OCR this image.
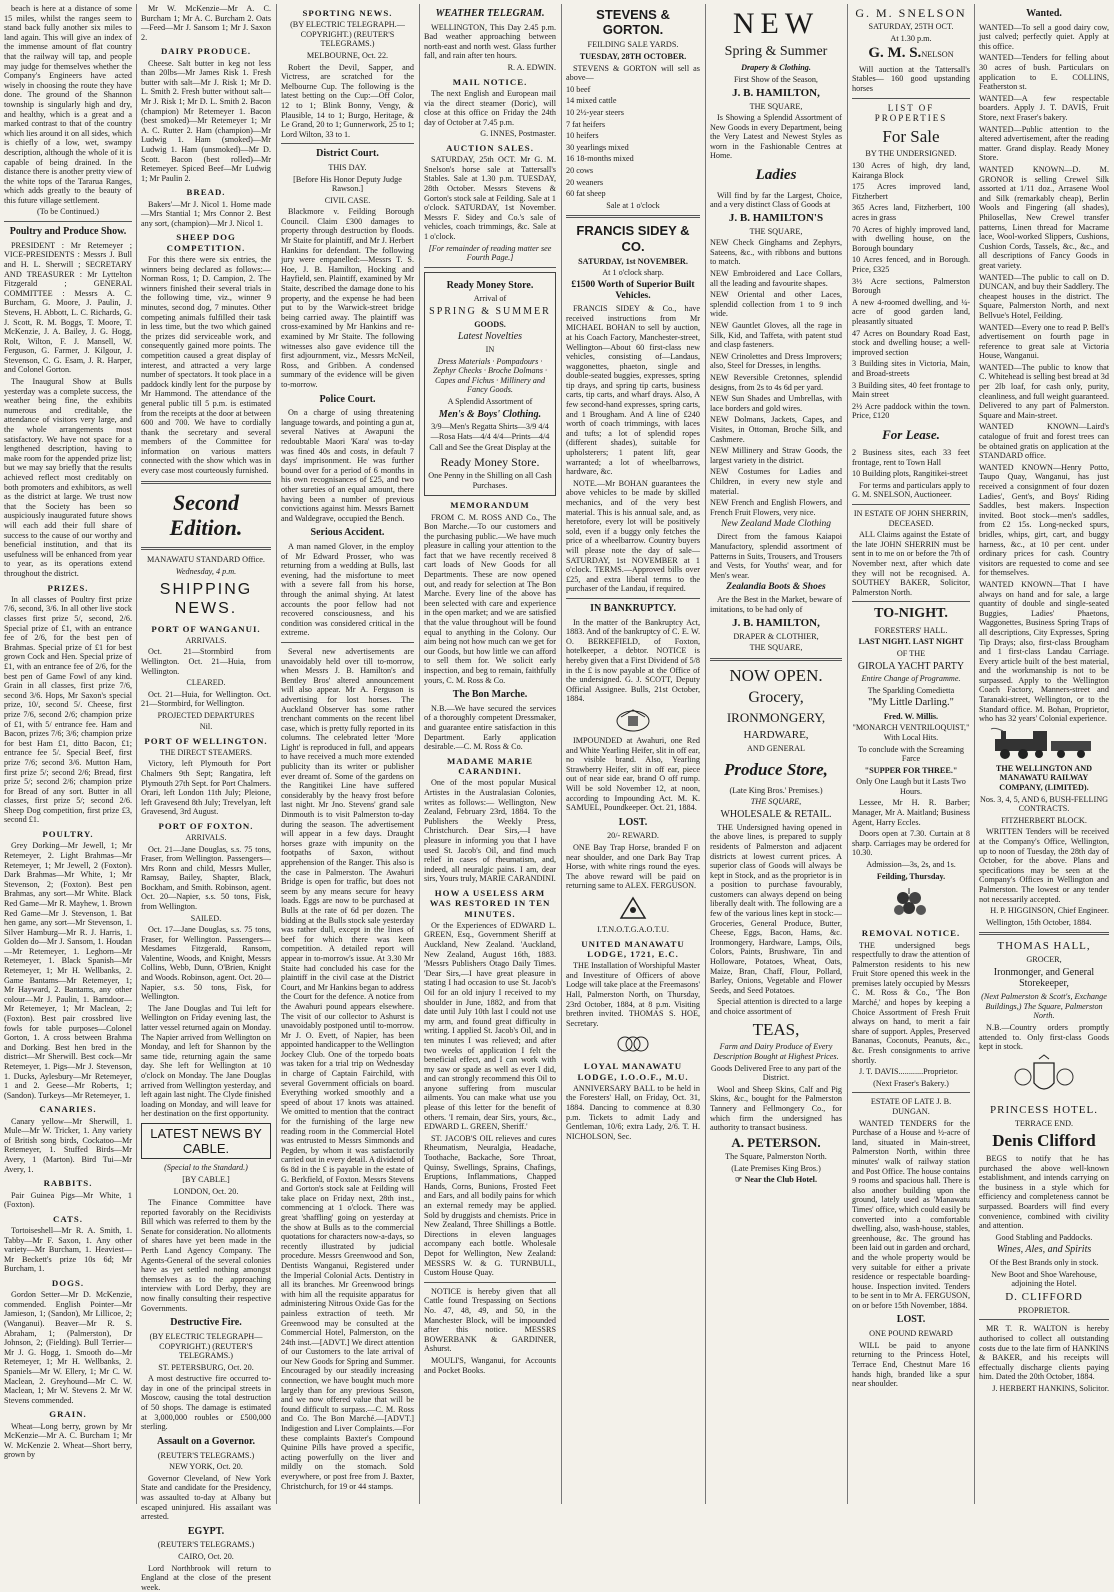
beach is here at a distance of some 15 miles, whilst the ranges seem to stand back fully another six miles to land again. This will give an index of the immense amount of flat country that the railway will tap, and people may judge for themselves whether the Company's Engineers have acted wisely in choosing the route they have done. The ground of the Shannon township is singularly high and dry, and healthy, which is a great and a marked contrast to that of the country which lies around it on all sides, which is chiefly of a low, wet, swampy description, although the whole of it is capable of being drained. In the distance there is another pretty view of the white tops of the Tararua Ranges, which adds greatly to the beauty of this future village settlement.

(To be Continued.)

Poultry and Produce Show.

PRESIDENT : Mr Retemeyer ; VICE-PRESIDENTS : Messrs J. Bull and H. L. Sherwill ; SECRETARY AND TREASURER : Mr Lyttelton Fitzgerald ; GENERAL COMMITTEE : Messrs A. C. Burcham, G. Moore, J. Paulin, J. Stevens, H. Abbott, L. C. Richards, G. J. Scott, R. M. Boggs, T. Moore, T. McKenzie, J. A. Bailey, J. G. Hogg, Rolt, Wilton, F. J. Mansell, W. Ferguson, G. Farmer, J. Kilgour, J. Stevenson, C. G. Esam, J. R. Harper, and Colonel Gorton.

The Inaugural Show at Bulls yesterday was a complete success, the weather being fine, the exhibits numerous and creditable, the attendance of visitors very large, and the whole arrangements most satisfactory. We have not space for a lengthened description, having to make room for the appended prize list; but we may say briefly that the results achieved reflect most creditably on both promoters and exhibitors, as well as the district at large. We trust now that the Society has been so auspiciously inaugurated future shows will each add their full share of success to the cause of our worthy and beneficial institution, and that its usefulness will be enhanced from year to year, as its operations extend throughout the district.

PRIZES.

In all classes of Poultry first prize 7/6, second, 3/6. In all other live stock classes first prize 5/, second, 2/6. Special prize of £1, with an entrance fee of 2/6, for the best pen of Brahmas. Special prize of £1 for best grown Cock and Hen. Special prize of £1, with an entrance fee of 2/6, for the best pen of Game Fowl of any kind. Grain in all classes, first prize 7/6, second 3/6. Hops, Mr Saxon's special prize, 10/, second 5/. Cheese, first prize 7/6, second 2/6; champion prize of £1, with 5/ entrance fee. Ham and Bacon, prizes 7/6; 3/6; champion prize for best Ham £1, ditto Bacon, £1; entrance fee 5/. Special Beef, first prize 7/6; second 3/6. Mutton Ham, first prize 5/; second 2/6; Bread, first prize 5/; second 2/6; champion prize for Bread of any sort. Butter in all classes, first prize 5/; second 2/6. Sheep Dog competition, first prize £3, second £1.

POULTRY.

Grey Dorking—Mr Jewell, 1; Mr Retemeyer, 2. Light Brahmas—Mr Retemeyer, 1; Mr Jewell, 2 (Foxton). Dark Brahmas—Mr White, 1; Mr Stevenson, 2; (Foxton). Best pen Brahmas, any sort—Mr White. Black Red Game—Mr R. Mayhew, 1. Brown Red Game—Mr J. Stevenson, 1. Bat hen game, any sort—Mr Stevenson, 1. Silver Hamburg—Mr R. J. Harris, 1. Golden do—Mr J. Sansom, 1. Houdan—Mr Retemeyer, 1. Leghorn—Mr Retemeyer, 1. Black Spanish—Mr Retemeyer, 1; Mr H. Wellbanks, 2. Game Bantams—Mr Retemeyer, 1; Mr Hayward, 2. Bantams, any other colour—Mr J. Paulin, 1. Barndoor—Mr Retemeyer, 1; Mr Maclean, 2; (Foxton). Best pair crossbred live fowls for table purposes—Colonel Gorton, 1. A cross between Brahma and Dorking. Best hen bred in the district—Mr Sherwill. Best cock—Mr Retemeyer, 1. Pigs—Mr J. Stevenson, 1. Ducks, Aylesbury—Mr Retemeyer, 1 and 2. Geese—Mr Roberts, 1; (Sandon). Turkeys—Mr Retemeyer, 1.

CANARIES.

Canary yellow—Mr Sherwill, 1. Mule—Mr W. Tricker, 1. Any variety of British song birds, Cockatoo—Mr Retemeyer, 1. Stuffed Birds—Mr Avery, 1 (Marton). Bird Tui—Mr Avery, 1.

RABBITS.

Pair Guinea Pigs—Mr White, 1 (Foxton).

CATS.

Tortoiseshell—Mr R. A. Smith, 1. Tabby—Mr F. Saxon, 1. Any other variety—Mr Burcham, 1. Heaviest—Mr Beckett's prize 10s 6d; Mr Burcham, 1.

DOGS.

Gordon Setter—Mr D. McKenzie, commended. English Pointer—Mr Jamieson, 1; (Sandon), Mr Lillicoe, 2; (Wanganui). Beaver—Mr R. S. Abraham, 1; (Palmerston), Dr Johnson, 2; (Fielding). Bull Terrier—Mr J. G. Hogg, 1. Smooth do—Mr Retemeyer, 1; Mr H. Wellbanks, 2. Spaniels—Mr W. Ellery, 1; Mr C. W. Maclean, 2. Greyhound—Mr C. W. Maclean, 1; Mr W. Stevens 2. Mr W. Stevens commended.

GRAIN.

Wheat—Long berry, grown by Mr McKenzie—Mr A. C. Burcham 1; Mr W. McKenzie 2. Wheat—Short berry, grown by

Mr W. McKenzie—Mr A. C. Burcham 1; Mr A. C. Burcham 2. Oats—Feed—Mr J. Sansom 1; Mr J. Saxon 2.

DAIRY PRODUCE.

Cheese. Salt butter in keg not less than 20lbs—Mr James Risk 1. Fresh butter with salt—Mr J. Risk 1; Mr D. L. Smith 2. Fresh butter without salt—Mr J. Risk 1; Mr D. L. Smith 2. Bacon (champion) Mr Retemeyer 1. Bacon (best smoked)—Mr Retemeyer 1; Mr A. C. Rutter 2. Ham (champion)—Mr Ludwig 1. Ham (smoked)—Mr Ludwig 1. Ham (unsmoked)—Mr D. Scott. Bacon (best rolled)—Mr Retemeyer. Spiced Beef—Mr Ludwig 1; Mr Paulin 2.

BREAD.

Bakers'—Mr J. Nicol 1. Home made—Mrs Stantial 1; Mrs Connor 2. Best any sort, (champion)—Mr J. Nicol 1.

SHEEP DOG COMPETITION.

For this there were six entries, the winners being declared as follows:—Norman Ross, 1; D. Campion, 2. The winners finished their several trials in the following time, viz., winner 9 minutes, second dog, 7 minutes. Other competing animals fulfilled their task in less time, but the two which gained the prizes did serviceable work, and consequently gained more points. The competition caused a great display of interest, and attracted a very large number of spectators. It took place in a paddock kindly lent for the purpose by Mr Hammond. The attendance of the general public till 5 p.m. is estimated from the receipts at the door at between 600 and 700. We have to cordially thank the secretary and several members of the Committee for information on various matters connected with the show which was in every case most courteously furnished.

Second Edition.

MANAWATU STANDARD Office.

Wednesday, 4 p.m.

SHIPPING NEWS.
PORT OF WANGANUI.
ARRIVALS.

Oct. 21—Stormbird from Wellington. Oct. 21—Huia, from Wellington.

CLEARED.

Oct. 21—Huia, for Wellington. Oct. 21—Stormbird, for Wellington.

PROJECTED DEPARTURES

Nil.

PORT OF WELLINGTON.
THE DIRECT STEAMERS.

Victory, left Plymouth for Port Chalmers 9th Sept; Rangatira, left Plymouth 27th Sept. for Port Chalmers. Orari, left London 11th July; Pleione, left Gravesend 8th July; Trevelyan, left Gravesend, 3rd August.

PORT OF FOXTON.
ARRIVALS.

Oct. 21—Jane Douglas, s.s. 75 tons, Fraser, from Wellington. Passengers—Mrs Ronn and child, Messrs Muller, Ramsay, Bailey, Shapter, Black, Bockham, and Smith. Robinson, agent. Oct. 20—Napier, s.s. 50 tons, Fisk, from Wellington.

SAILED.

Oct. 17—Jane Douglas, s.s. 75 tons, Fraser, for Wellington. Passengers—Mesdames Fitzgerald, Ransom, Valentine, Woods, and Knight, Messrs Collins, Webb, Dunn, O'Brien, Knight and Woods. Robinson, agent. Oct. 20—Napier, s.s. 50 tons, Fisk, for Wellington.

The Jane Douglas and Tui left for Wellington on Friday evening last, the latter vessel returned again on Monday. The Napier arrived from Wellington on Monday, and left for Shannon by the same tide, returning again the same day. She left for Wellington at 10 o'clock on Monday. The Jane Douglas arrived from Wellington yesterday, and left again last night. The Clyde finished loading on Monday, and will leave for her destination on the first opportunity.

LATEST NEWS BY CABLE.

(Special to the Standard.)

[BY CABLE.]

LONDON, Oct. 20.

The Finance Committee have reported favorably on the Recidivists Bill which was referred to them by the Senate for consideration. No allotments of shares have yet been made in the Perth Land Agency Company. The Agents-General of the several colonies have as yet settled nothing amongst themselves as to the approaching interview with Lord Derby, they are now finally consulting their respective Governments.

Destructive Fire.

(BY ELECTRIC TELEGRAPH—COPYRIGHT.) (REUTER'S TELEGRAMS.)

ST. PETERSBURG, Oct. 20.

A most destructive fire occurred to-day in one of the principal streets in Moscow, causing the total destruction of 50 shops. The damage is estimated at 3,000,000 roubles or £500,000 sterling.

Assault on a Governor.

(REUTER'S TELEGRAMS.)

NEW YORK, Oct. 20.

Governor Cleveland, of New York State and candidate for the Presidency, was assaulted to-day at Albany but escaped uninjured. His assailant was arrested.

EGYPT.

(REUTER'S TELEGRAMS.)

CAIRO, Oct. 20.

Lord Northbrook will return to England at the close of the present week.

SPORTING NEWS.

(BY ELECTRIC TELEGRAPH.—COPYRIGHT.) (REUTER'S TELEGRAMS.)

MELBOURNE, Oct. 22.

Robert the Devil, Sapper, and Victress, are scratched for the Melbourne Cup. The following is the latest betting on the Cup:—Off Color, 12 to 1; Blink Bonny, Vengy, & Plausible, 14 to 1; Burgo, Heritage, & Le Grand, 20 to 1; Gunnerwork, 25 to 1; Lord Wilton, 33 to 1.

District Court.

THIS DAY.

[Before His Honor Deputy Judge Rawson.]

CIVIL CASE.

Blackmore v. Feilding Borough Council. Claim £300 damages to property through destruction by floods. Mr Staite for plaintiff, and Mr J. Herbert Hankins for defendant. The following jury were empanelled:—Messrs T. S. Hoe, J. B. Hamilton, Hocking and Hayfield, sen. Plaintiff, examined by Mr Staite, described the damage done to his property, and the expense he had been put to by the Warwick-street bridge being carried away. The plaintiff was cross-examined by Mr Hankins and re-examined by Mr Staite. The following witnesses also gave evidence till the first adjournment, viz., Messrs McNeil, Ross, and Gribben. A condensed summary of the evidence will be given to-morrow.

Police Court.

On a charge of using threatening language towards, and pointing a gun at, several Natives at Awapuni the redoubtable Maori 'Kara' was to-day was fined 40s and costs, in default 7 days' imprisonment. He was further bound over for a period of 6 months in his own recognisances of £25, and two other sureties of an equal amount, there having been a number of previous convictions against him. Messrs Barnett and Waldegrave, occupied the Bench.

Serious Accident.

A man named Glover, in the employ of Mr Edward Prosser, who was returning from a wedding at Bulls, last evening, had the misfortune to meet with a severe fall from his horse, through the animal shying. At latest accounts the poor fellow had not recovered consciousness, and his condition was considered critical in the extreme.

Several new advertisements are unavoidably held over till to-morrow, when Messrs J. B. Hamilton's and Bentley Bros' altered announcement will also appear. Mr A. Ferguson is advertising for lost horses. The Auckland Observer has some rather trenchant comments on the recent libel case, which is pretty fully reported in its columns. The celebrated letter 'More Light' is reproduced in full, and appears to have received a much more extended publicity than its writer or publisher ever dreamt of. Some of the gardens on the Rangitikei Line have suffered considerably by the heavy frost before last night. Mr Jno. Stevens' grand sale Dinmouth is to visit Palmerston to-day during the season. The advertisement will appear in a few days. Draught horses graze with impunity on the footpaths of Saxon, without apprehension of the Ranger. This also is the case in Palmerston. The Awahuri Bridge is open for traffic, but does not seem by any means secure for heavy loads. Eggs are now to be purchased at Bulls at the rate of 6d per dozen. The bidding at the Bulls stock sale yesterday was rather dull, except in the lines of beef for which there was keen competition. A detailed report will appear in to-morrow's issue. At 3.30 Mr Staite had concluded his case for the plaintiff in the civil case at the District Court, and Mr Hankins began to address the Court for the defence. A notice from the Awahuri pound appears elsewhere. The visit of our collector to Ashurst is unavoidably postponed until to-morrow. Mr J. O. Evett, of Napier, has been appointed handicapper to the Wellington Jockey Club. One of the torpedo boats was taken for a trial trip on Wednesday in charge of Captain Fairchild, with several Government officials on board. Everything worked smoothly and a speed of about 17 knots was attained. We omitted to mention that the contract for the furnishing of the large new reading room in the Commercial Hotel was entrusted to Messrs Simmonds and Pegden, by whom it was satisfactorily carried out in every detail. A dividend of 6s 8d in the £ is payable in the estate of G. Berkfield, of Foxton. Messrs Stevens and Gorton's stock sale at Feilding will take place on Friday next, 28th inst., commencing at 1 o'clock. There was great 'shaffling' going on yesterday at the show at Bulls as to the commercial quotations for characters now-a-days, so recently illustrated by judicial procedure. Messrs Greenwood and Son, Dentists Wanganui, Registered under the Imperial Colonial Acts. Dentistry in all its branches. Mr Greenwood brings with him all the requisite apparatus for administering Nitrous Oxide Gas for the painless extraction of teeth. Mr Greenwood may be consulted at the Commercial Hotel, Palmerston, on the 24th inst.—[ADVT.] We direct attention of our Customers to the late arrival of our New Goods for Spring and Summer. Encouraged by our steadily increasing connection, we have bought much more largely than for any previous Season, and we now offered value that will be found difficult to surpass.—C. M. Ross and Co. The Bon Marché.—[ADVT.] Indigestion and Liver Complaints.—For these complaints Baxter's Compound Quinine Pills have proved a specific, acting powerfully on the liver and mildly on the stomach. Sold everywhere, or post free from J. Baxter, Christchurch, for 19 or 44 stamps.

WEATHER TELEGRAM.

WELLINGTON, This Day 2.45 p.m. Bad weather approaching between north-east and north west. Glass further fall, and rain after ten hours.

R. A. EDWIN.

MAIL NOTICE.

The next English and European mail via the direct steamer (Doric), will close at this office on Friday the 24th day of October at 7.45 p.m.

G. INNES, Postmaster.

AUCTION SALES.

SATURDAY, 25th OCT. Mr G. M. Snelson's horse sale at Tattersall's Stables. Sale at 1.30 p.m. TUESDAY, 28th October. Messrs Stevens & Gorton's stock sale at Feilding. Sale at 1 o'clock. SATURDAY, 1st November. Messrs F. Sidey and Co.'s sale of vehicles, coach trimmings, &c. Sale at 1 o'clock.

[For remainder of reading matter see Fourth Page.]

Ready Money Store.

Arrival of

SPRING & SUMMER

GOODS.

Latest Novelties

IN

Dress Materials · Pompadours · Zephyr Checks · Broche Dolmans · Capes and Fichus · Millinery and Fancy Goods.

A Splendid Assortment of

Men's & Boys' Clothing.

3/9—Men's Regatta Shirts—3/9 4/4—Rosa Hats—4/4 4/4—Prints—4/4

Call and See the Great Display at the

Ready Money Store.

One Penny in the Shilling on all Cash Purchases.

MEMORANDUM

FROM C. M. ROSS AND Co., The Bon Marche.—To our customers and the purchasing public.—We have much pleasure in calling your attention to the fact that we have recently received 8 cart loads of New Goods for all Departments. These are now opened out, and ready for selection at The Bon Marche. Every line of the above has been selected with care and experience in the open market; and we are satisfied that the value throughout will be found equal to anything in the Colony. Our aim being not how much can we get for our Goods, but how little we can afford to sell them for. We solicit early inspection, and beg to remain, faithfully yours, C. M. Ross & Co.

The Bon Marche.

N.B.—We have secured the services of a thoroughly competent Dressmaker, and guarantee entire satisfaction in this Department. Early application desirable.—C. M. Ross & Co.

MADAME MARIE CARANDINI.

One of the most popular Musical Artistes in the Australasian Colonies, writes as follows:— Wellington, New Zealand, February 23rd, 1884. To the Publishers the Weekly Press, Christchurch. Dear Sirs,—I have pleasure in informing you that I have used St. Jacob's Oil, and find much relief in cases of rheumatism, and, indeed, all neuralgic pains. I am, dear sirs, Yours truly, MARIE CARANDINI.

HOW A USELESS ARM WAS RESTORED IN TEN MINUTES.

Or the Experiences of EDWARD L. GREEN, Esq., Government Sheriff at Auckland, New Zealand. 'Auckland, New Zealand, August 16th, 1883. 'Messrs Publishers Otago Daily Times. 'Dear Sirs,—I have great pleasure in stating I had occasion to use St. Jacob's Oil for an old injury I received to my shoulder in June, 1882, and from that date until July 10th last I could not use my arm, and found great difficulty in writing. I applied St. Jacob's Oil, and in ten minutes I was relieved; and after two weeks of application I felt the beneficial effect, and I can work with my saw or spade as well as ever I did, and can strongly recommend this Oil to anyone suffering from muscular ailments. You can make what use you please of this letter for the benefit of others. 'I remain, dear Sirs, yours, &c., EDWARD L. GREEN, Sheriff.'

ST. JACOB'S OIL relieves and cures Rheumatism, Neuralgia, Headache, Toothache, Backache, Sore Throat, Quinsy, Swellings, Sprains, Chafings, Eruptions, Inflammations, Chapped Hands, Corns, Bunions, Frosted Feet and Ears, and all bodily pains for which an external remedy may be applied. Sold by druggists and chemists. Price in New Zealand, Three Shillings a Bottle. Directions in eleven languages accompany each bottle. Wholesale Depot for Wellington, New Zealand: MESSRS W. & G. TURNBULL, Custom House Quay.

NOTICE is hereby given that all Cattle found Trespassing on Sections No. 47, 48, 49, and 50, in the Manchester Block, will be impounded after this notice. MESSRS BOWERBANK & GARDINER, Ashurst.

MOULI'S, Wanganui, for Accounts and Pocket Books.

STEVENS & GORTON.

FEILDING SALE YARDS.

TUESDAY, 28TH OCTOBER.

STEVENS & GORTON will sell as above—

10 beef

14 mixed cattle

10 2½-year steers

7 fat heifers

10 heifers

30 yearlings mixed

16 18-months mixed

20 cows

20 weaners

60 fat sheep

Sale at 1 o'clock

FRANCIS SIDEY & CO.

SATURDAY, 1st NOVEMBER.

At 1 o'clock sharp.

£1500 Worth of Superior Built Vehicles.

FRANCIS SIDEY & Co., have received instructions from Mr MICHAEL BOHAN to sell by auction, at his Coach Factory, Manchester-street, Wellington—About 60 first-class new vehicles, consisting of—Landaus, waggonettes, phaeton, single and double-seated buggies, expresses, spring tip drays, and spring tip carts, business carts, tip carts, and wharf drays. Also, A few second-hand expresses, spring carts, and 1 Brougham. And A line of £240 worth of coach trimmings, with laces and tufts; a lot of splendid ropes (different shades), suitable for upholsterers; 1 patent lift, gear warranted; a lot of wheelbarrows, hardware, &c.

NOTE.—Mr BOHAN guarantees the above vehicles to be made by skilled mechanics, and of the very best material. This is his annual sale, and, as heretofore, every lot will be positively sold, even if a buggy only fetches the price of a wheelbarrow. Country buyers will please note the day of sale—SATURDAY, 1st NOVEMBER at 1 o'clock. TERMS.—Approved bills over £25, and extra liberal terms to the purchaser of the Landau, if required.

IN BANKRUPTCY.

In the matter of the Bankruptcy Act, 1883. And of the bankruptcy of C. E. W. O. BERKEFIELD, of Foxton, hotelkeeper, a debtor. NOTICE is hereby given that a First Dividend of 5/8 in the £ is now payable at the Office of the undersigned. G. J. SCOTT, Deputy Official Assignee. Bulls, 21st October, 1884.

IMPOUNDED at Awahuri, one Red and White Yearling Heifer, slit in off ear, no visible brand. Also, Yearling Strawberry Heifer, slit in off ear, piece out of near side ear, brand O off rump. Will be sold November 12, at noon, according to Impounding Act. M. K. SAMUEL, Poundkeeper. Oct. 21, 1884.

LOST.

20/- REWARD.

ONE Bay Trap Horse, branded F on near shoulder, and one Dark Bay Trap Horse, with white rings round the eyes. The above reward will be paid on returning same to ALEX. FERGUSON.

I.T.N.O.T.G.A.O.T.U.

UNITED MANAWATU LODGE, 1721, E.C.

THE Installation of Worshipful Master and Investiture of Officers of above Lodge will take place at the Freemasons' Hall, Palmerston North, on Thursday, 23rd October, 1884, at 8 p.m. Visiting brethren invited. THOMAS S. HOE, Secretary.

LOYAL MANAWATU LODGE, I.O.O.F., M.U.

ANNIVERSARY BALL to be held in the Foresters' Hall, on Friday, Oct. 31, 1884. Dancing to commence at 8.30 p.m. Tickets to admit Lady and Gentleman, 10/6; extra Lady, 2/6. T. H. NICHOLSON, Sec.

NEW
Spring & Summer

Drapery & Clothing.

First Show of the Season,

J. B. HAMILTON,

THE SQUARE,

Is Showing a Splendid Assortment of New Goods in every Department, being the Very Latest and Newest Styles as worn in the Fashionable Centres at Home.

Ladies

Will find by far the Largest, Choice, and a very distinct Class of Goods at

J. B. HAMILTON'S

THE SQUARE,

NEW Check Ginghams and Zephyrs, Sateens, &c., with ribbons and buttons to match.

NEW Embroidered and Lace Collars, all the leading and favourite shapes.

NEW Oriental and other Laces, splendid collection from 1 to 9 inch wide.

NEW Gauntlet Gloves, all the rage in Silk, Kid, and Taffeta, with patent stud and clasp fasteners.

NEW Crinolettes and Dress Improvers; also, Steel for Dresses, in lengths.

NEW Reversible Cretonnes, splendid designs, from 2s to 4s 6d per yard.

NEW Sun Shades and Umbrellas, with lace borders and gold wires.

NEW Dolmans, Jackets, Capes, and Visites, in Ottoman, Broche Silk, and Cashmere.

NEW Millinery and Straw Goods, the largest variety in the district.

NEW Costumes for Ladies and Children, in every new style and material.

NEW French and English Flowers, and French Fruit Flowers, very nice.

New Zealand Made Clothing

Direct from the famous Kaiapoi Manufactory, splendid assortment of Patterns in Suits, Trousers, and Trousers and Vests, for Youths' wear, and for Men's wear.

Zealandia Boots & Shoes

Are the Best in the Market, beware of imitations, to be had only of

J. B. HAMILTON,

DRAPER & CLOTHIER,

THE SQUARE,

NOW OPEN.
Grocery,
IRONMONGERY,
HARDWARE,

AND GENERAL

Produce Store,

(Late King Bros.' Premises.)

THE SQUARE,

WHOLESALE & RETAIL.

THE Undersigned having opened in the above lines, is prepared to supply residents of Palmerston and adjacent districts at lowest current prices. A superior class of Goods will always be kept in Stock, and as the proprietor is in a position to purchase favourably, customers can always depend on being liberally dealt with. The following are a few of the various lines kept in stock:— Groceries, General Produce, Butter, Cheese, Eggs, Bacon, Hams, &c. Ironmongery, Hardware, Lamps, Oils, Colors, Paints, Brushware, Tin and Holloware, Potatoes, Wheat, Oats, Maize, Bran, Chaff, Flour, Pollard, Barley, Onions, Vegetable and Flower Seeds, and Seed Potatoes.

Special attention is directed to a large and choice assortment of

TEAS,

Farm and Dairy Produce of Every Description Bought at Highest Prices.

Goods Delivered Free to any part of the District.

Wool and Sheep Skins, Calf and Pig Skins, &c., bought for the Palmerston Tannery and Fellmongery Co., for which firm the undersigned has authority to transact business.

A. PETERSON.

The Square, Palmerston North.

(Late Premises King Bros.)

☞ Near the Club Hotel.

G. M. SNELSON

SATURDAY, 25TH OCT.

At 1.30 p.m.

G. M. S.NELSON

Will auction at the Tattersall's Stables— 160 good upstanding horses

LIST OF PROPERTIES
For Sale

BY THE UNDERSIGNED.

130 Acres of high, dry land, Kairanga Block

175 Acres improved land, Fitzherbert

365 Acres land, Fitzherbert, 100 acres in grass

70 Acres of highly improved land, with dwelling house, on the Borough boundary

10 Acres fenced, and in Borough. Price, £325

3½ Acre sections, Palmerston Borough

A new 4-roomed dwelling, and ¼-acre of good garden land, pleasantly situated

47 Acres on Boundary Road East, stock and dwelling house; a well-improved section

3 Building sites in Victoria, Main, and Broad-streets

3 Building sites, 40 feet frontage to Main street

2½ Acre paddock within the town. Price, £120

For Lease.

2 Business sites, each 33 feet frontage, rent to Town Hall

10 Building plots, Rangitikei-street

For terms and particulars apply to G. M. SNELSON, Auctioneer.

IN ESTATE OF JOHN SHERRIN, DECEASED.

ALL Claims against the Estate of the late JOHN SHERRIN must be sent in to me on or before the 7th of November next, after which date they will not be recognised. A. SOUTHEY BAKER, Solicitor, Palmerston North.

TO-NIGHT.

FORESTERS' HALL.

LAST NIGHT. LAST NIGHT

OF THE

GIROLA YACHT PARTY

Entire Change of Programme.

The Sparkling Comedietta

"My Little Darling."

Fred. W. Millis.

"MONARCH VENTRILOQUIST," With Local Hits.

To conclude with the Screaming Farce

"SUPPER FOR THREE."

Only One Laugh but it Lasts Two Hours.

Lessee, Mr H. R. Barber; Manager, Mr A. Maitland; Business Agent, Harry Eccles.

Doors open at 7.30. Curtain at 8 sharp. Carriages may be ordered for 10.30.

Admission—3s, 2s, and 1s.

Feilding, Thursday.

REMOVAL NOTICE.

THE undersigned begs respectfully to draw the attention of Palmerston residents to his new Fruit Store opened this week in the premises lately occupied by Messrs C. M. Ross & Co., 'The Bon Marché,' and hopes by keeping a Choice Assortment of Fresh Fruit always on hand, to merit a fair share of support. Apples, Preserved Bananas, Coconuts, Peanuts, &c., &c. Fresh consignments to arrive shortly.

J. T. DAVIS............Proprietor.

(Next Fraser's Bakery.)

ESTATE OF LATE J. B. DUNGAN.

WANTED TENDERS for the Purchase of a House and ½-acre of land, situated in Main-street, Palmerston North, within three minutes' walk of railway station and Post Office. The house contains 9 rooms and spacious hall. There is also another building upon the ground, lately used as 'Manawatu Times' office, which could easily be converted into a comfortable dwelling, also, wash-house, stables, greenhouse, &c. The ground has been laid out in garden and orchard, and the whole property would be very suitable for either a private residence or respectable boarding-house. Inspection invited. Tenders to be sent in to Mr A. FERGUSON, on or before 15th November, 1884.

LOST.

ONE POUND REWARD

WILL be paid to anyone returning to the Princess Hotel, Terrace End, Chestnut Mare 16 hands high, branded like a spur near shoulder.

Wanted.

WANTED—To sell a good dairy cow, just calved; perfectly quiet. Apply at this office.

WANTED—Tenders for felling about 30 acres of bush. Particulars on application to E. COLLINS, Featherston st.

WANTED—A few respectable boarders. Apply J. T. DAVIS, Fruit Store, next Fraser's bakery.

WANTED—Public attention to the altered advertisement, after the reading matter. Grand display. Ready Money Store.

WANTED KNOWN—D. M. GRONOR is selling Crewel Silk assorted at 1/11 doz., Arrasene Wool and Silk (remarkably cheap), Berlin Wools and Fingering (all shades), Philosellas, New Crewel transfer patterns, Linen thread for Macrame lace, Wool-worked Slippers, Cushions, Cushion Cords, Tassels, &c., &c., and all descriptions of Fancy Goods in great variety.

WANTED—The public to call on D. DUNCAN, and buy their Saddlery. The cheapest houses in the district. The Square, Palmerston North, and next Bellvue's Hotel, Feilding.

WANTED—Every one to read P. Bell's advertisement on fourth page in reference to great sale at Victoria House, Wanganui.

WANTED—The public to know that C. Whitehead is selling best bread at 3d per 2lb loaf, for cash only, purity, cleanliness, and full weight guaranteed. Delivered to any part of Palmerston. Square and Main-street.

WANTED KNOWN—Laird's catalogue of fruit and forest trees can be obtained gratis on application at the STANDARD office.

WANTED KNOWN—Henry Potto, Taupo Quay, Wanganui, has just received a consignment of four dozen Ladies', Gent's, and Boys' Riding Saddles, best makers. Inspection invited. Boot stock—men's saddles, from £2 15s. Long-necked spurs, bridles, whips, girt, cart, and buggy harness, &c., at 10 per cent. under ordinary prices for cash. Country visitors are requested to come and see for themselves.

WANTED KNOWN—That I have always on hand and for sale, a large quantity of double and single-seated Buggies, Ladies' Phaetons, Waggonettes, Business Spring Traps of all descriptions, City Expresses, Spring Tip Drays; also, first-class Brougham and 1 first-class Landau Carriage. Every article built of the best material, and the workmanship is not to be surpassed. Apply to the Wellington Coach Factory, Manners-street and Taranaki-street, Wellington, or to the Standard office. M. Bohan, Proprietor, who has 32 years' Colonial experience.

THE WELLINGTON AND MANAWATU RAILWAY COMPANY, (LIMITED).

Nos. 3, 4, 5, AND 6, BUSH-FELLING CONTRACTS.

FITZHERBERT BLOCK.

WRITTEN Tenders will be received at the Company's Office, Wellington, up to noon of Tuesday, the 28th day of October, for the above. Plans and specifications may be seen at the Company's Offices in Wellington and Palmerston. The lowest or any tender not necessarily accepted.

H. P. HIGGINSON, Chief Engineer.

Wellington, 15th October, 1884.

THOMAS HALL,

GROCER,

Ironmonger, and General Storekeeper,

(Next Palmerston & Scott's, Exchange Buildings,) The Square, Palmerston North.

N.B.—Country orders promptly attended to. Only first-class Goods kept in stock.

PRINCESS HOTEL.

TERRACE END.

Denis Clifford

BEGS to notify that he has purchased the above well-known establishment, and intends carrying on the business in a style which for efficiency and completeness cannot be surpassed. Boarders will find every convenience, combined with civility and attention.

Good Stabling and Paddocks.

Wines, Ales, and Spirits

Of the Best Brands only in stock.

New Boot and Shoe Warehouse, adjoining the Hotel.

D. CLIFFORD

PROPRIETOR.

MR T. R. WALTON is hereby authorised to collect all outstanding costs due to the late firm of HANKINS & BAKER, and his receipts will effectually discharge clients paying him. Dated the 20th October, 1884.

J. HERBERT HANKINS, Solicitor.
